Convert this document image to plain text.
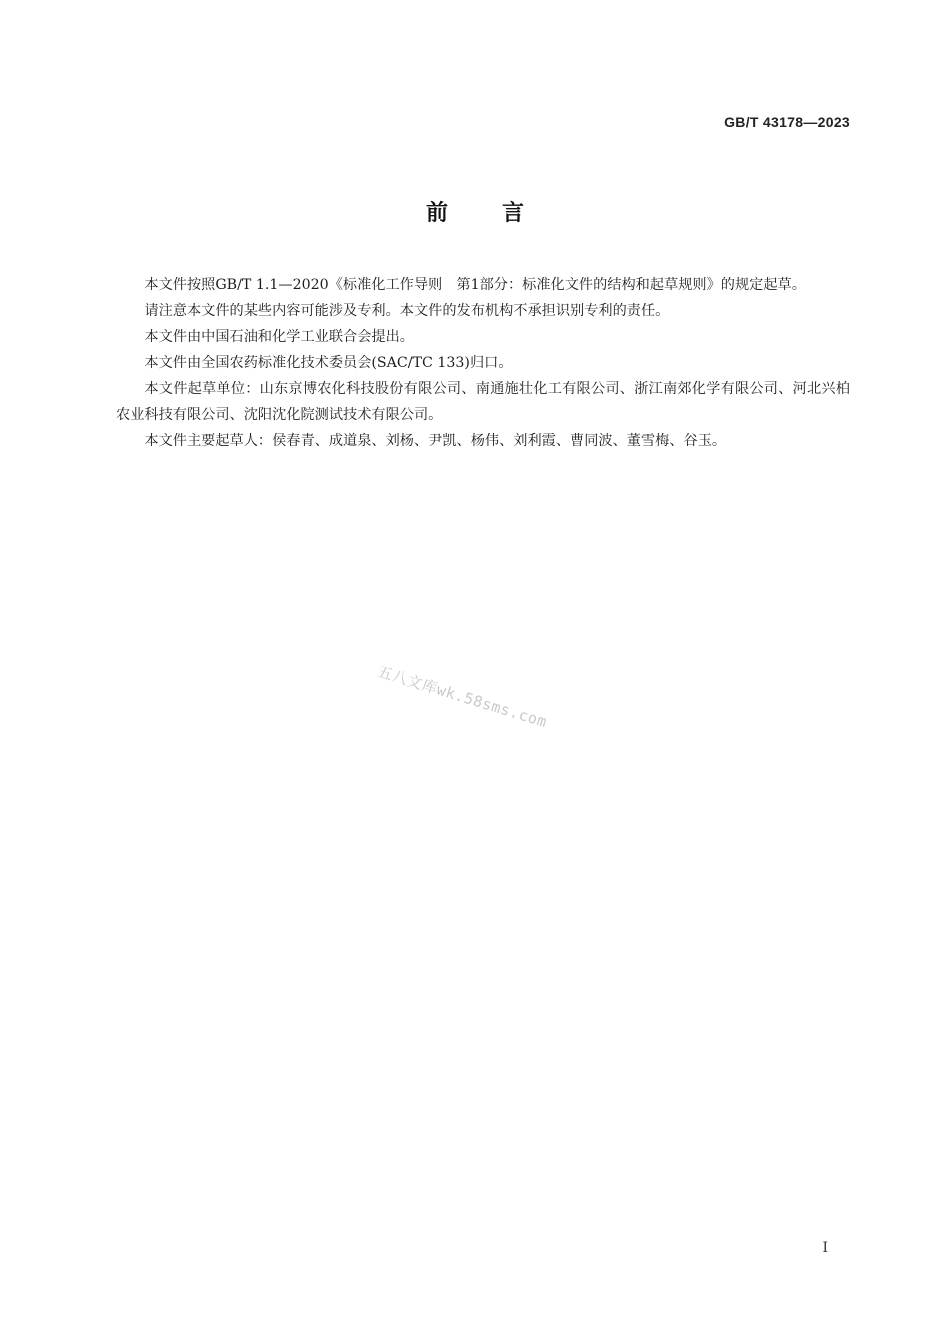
GB/T 43178—2023
前言

本文件按照GB/T 1.1—2020《标准化工作导则　第1部分：标准化文件的结构和起草规则》的规定起草。

请注意本文件的某些内容可能涉及专利。本文件的发布机构不承担识别专利的责任。

本文件由中国石油和化学工业联合会提出。

本文件由全国农药标准化技术委员会(SAC/TC 133)归口。

本文件起草单位：山东京博农化科技股份有限公司、南通施壮化工有限公司、浙江南郊化学有限公司、河北兴柏农业科技有限公司、沈阳沈化院测试技术有限公司。

本文件主要起草人：侯春青、成道泉、刘杨、尹凯、杨伟、刘利霞、曹同波、董雪梅、谷玉。

五八文库wk.58sms.com
I
